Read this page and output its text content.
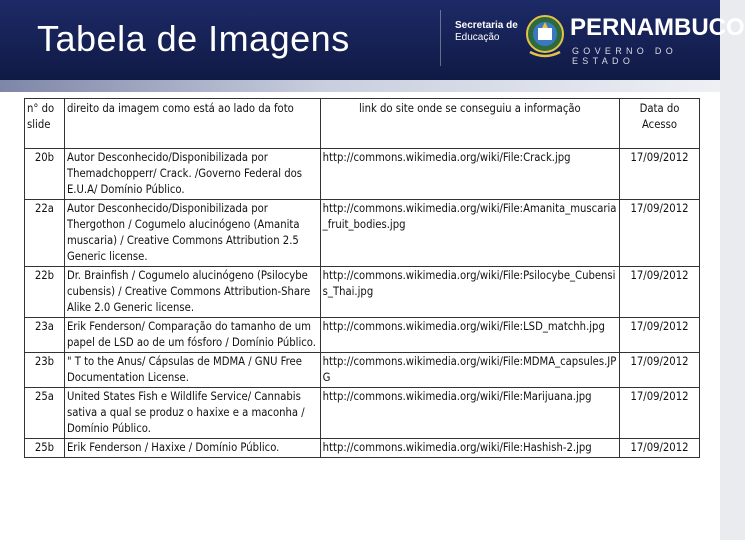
Tabela de Imagens	Secretaria de
Educação	PERNAMBUCO
GOVERNO DO ESTADO
n° do slide	direito da imagem como está ao lado da foto	link do site onde se conseguiu a informação	Data do Acesso
20b	Autor Desconhecido/Disponibilizada por Themadchopperr/ Crack. /Governo Federal dos E.U.A/ Domínio Público.	http://commons.wikimedia.org/wiki/File:Crack.jpg	17/09/2012
22a	Autor Desconhecido/Disponibilizada por Thergothon / Cogumelo alucinógeno (Amanita muscaria) / Creative Commons Attribution 2.5 Generic license.	http://commons.wikimedia.org/wiki/File:Amanita_muscaria_fruit_bodies.jpg	17/09/2012
22b	Dr. Brainfish / Cogumelo alucinógeno (Psilocybe cubensis) / Creative Commons Attribution-Share Alike 2.0 Generic license.	http://commons.wikimedia.org/wiki/File:Psilocybe_Cubensis_Thai.jpg	17/09/2012
23a	Erik Fenderson/ Comparação do tamanho de um papel de LSD ao de um fósforo / Domínio Público.	http://commons.wikimedia.org/wiki/File:LSD_matchh.jpg	17/09/2012
23b	" T to the Anus/ Cápsulas de MDMA / GNU Free Documentation License.	http://commons.wikimedia.org/wiki/File:MDMA_capsules.JPG	17/09/2012
25a	United States Fish e Wildlife Service/ Cannabis sativa a qual se produz o haxixe e a maconha / Domínio Público.	http://commons.wikimedia.org/wiki/File:Marijuana.jpg	17/09/2012
25b	Erik Fenderson / Haxixe / Domínio Público.	http://commons.wikimedia.org/wiki/File:Hashish-2.jpg	17/09/2012
